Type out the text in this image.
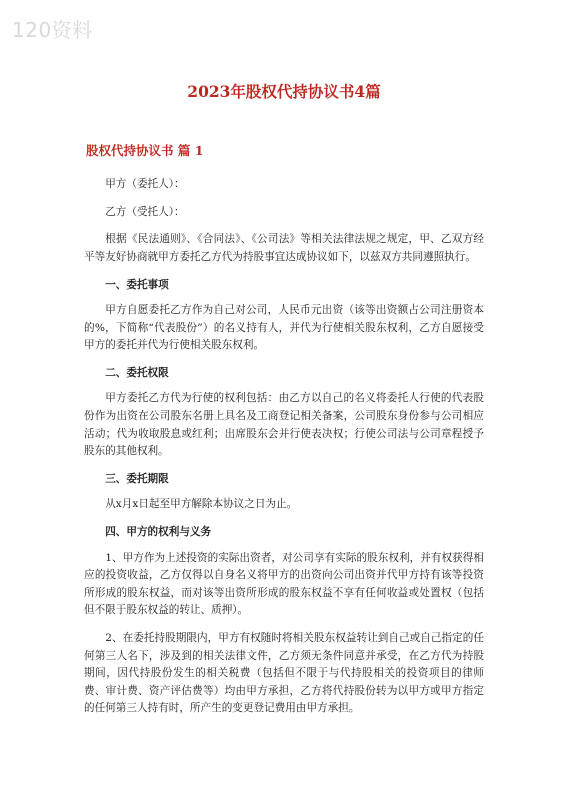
120资料
2023年股权代持协议书4篇
股权代持协议书 篇 1

甲方（委托人）：

乙方（受托人）：

根据《民法通则》、《合同法》、《公司法》等相关法律法规之规定，甲、乙双方经平等友好协商就甲方委托乙方代为持股事宜达成协议如下，以兹双方共同遵照执行。

一、委托事项

甲方自愿委托乙方作为自己对公司，人民币元出资（该等出资额占公司注册资本的%，下简称“代表股份”）的名义持有人，并代为行使相关股东权利，乙方自愿接受甲方的委托并代为行使相关股东权利。

二、委托权限

甲方委托乙方代为行使的权利包括：由乙方以自己的名义将委托人行使的代表股份作为出资在公司股东名册上具名及工商登记相关备案，公司股东身份参与公司相应活动；代为收取股息或红利；出席股东会并行使表决权；行使公司法与公司章程授予股东的其他权利。

三、委托期限

从x月x日起至甲方解除本协议之日为止。

四、甲方的权利与义务

1、甲方作为上述投资的实际出资者，对公司享有实际的股东权利，并有权获得相应的投资收益，乙方仅得以自身名义将甲方的出资向公司出资并代甲方持有该等投资所形成的股东权益，而对该等出资所形成的股东权益不享有任何收益或处置权（包括但不限于股东权益的转让、质押）。

2、在委托持股期限内，甲方有权随时将相关股东权益转让到自己或自己指定的任何第三人名下，涉及到的相关法律文件，乙方须无条件同意并承受，在乙方代为持股期间，因代持股份发生的相关税费（包括但不限于与代持股相关的投资项目的律师费、审计费、资产评估费等）均由甲方承担，乙方将代持股份转为以甲方或甲方指定的任何第三人持有时，所产生的变更登记费用由甲方承担。
